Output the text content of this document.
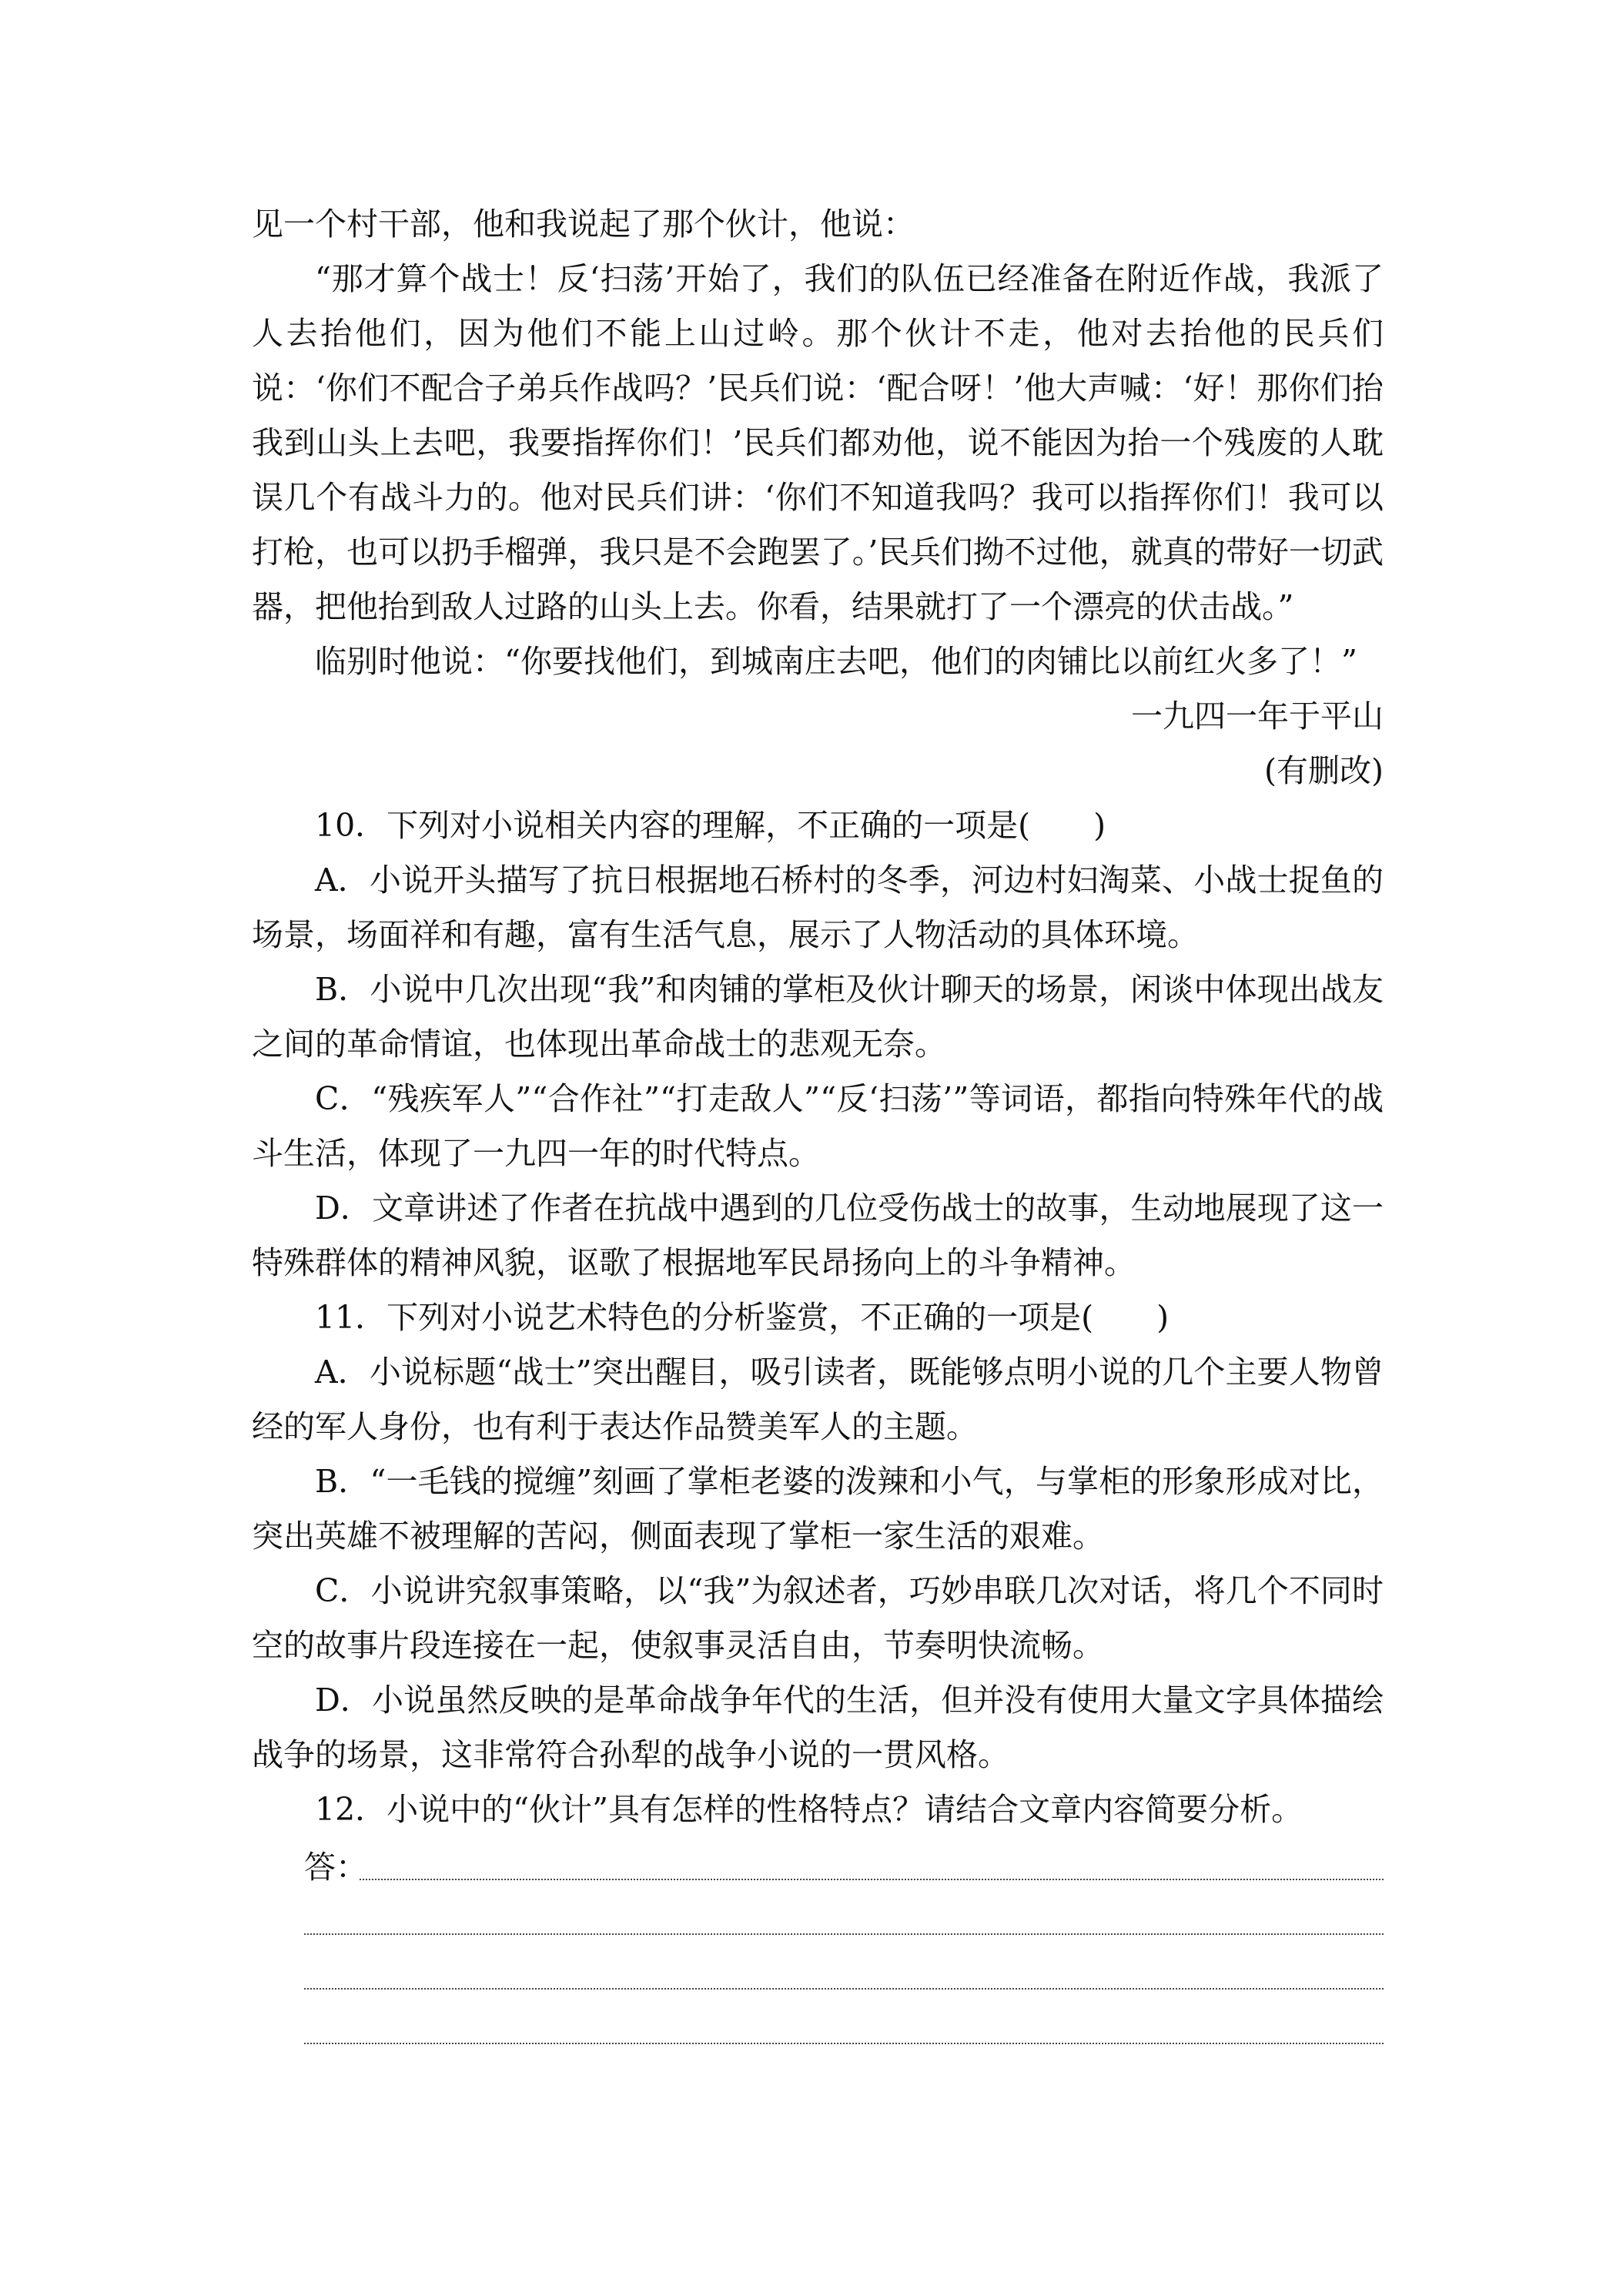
见一个村干部，他和我说起了那个伙计，他说：

“那才算个战士！反‘扫荡’开始了，我们的队伍已经准备在附近作战，我派了人去抬他们，因为他们不能上山过岭。那个伙计不走，他对去抬他的民兵们说：‘你们不配合子弟兵作战吗？’民兵们说：‘配合呀！’他大声喊：‘好！那你们抬我到山头上去吧，我要指挥你们！’民兵们都劝他，说不能因为抬一个残废的人耽误几个有战斗力的。他对民兵们讲：‘你们不知道我吗？我可以指挥你们！我可以打枪，也可以扔手榴弹，我只是不会跑罢了。’民兵们拗不过他，就真的带好一切武器，把他抬到敌人过路的山头上去。你看，结果就打了一个漂亮的伏击战。”

临别时他说：“你要找他们，到城南庄去吧，他们的肉铺比以前红火多了！”

一九四一年于平山

(有删改)

10．下列对小说相关内容的理解，不正确的一项是(　　)

A．小说开头描写了抗日根据地石桥村的冬季，河边村妇淘菜、小战士捉鱼的场景，场面祥和有趣，富有生活气息，展示了人物活动的具体环境。

B．小说中几次出现“我”和肉铺的掌柜及伙计聊天的场景，闲谈中体现出战友之间的革命情谊，也体现出革命战士的悲观无奈。

C．“残疾军人”“合作社”“打走敌人”“反‘扫荡’”等词语，都指向特殊年代的战斗生活，体现了一九四一年的时代特点。

D．文章讲述了作者在抗战中遇到的几位受伤战士的故事，生动地展现了这一特殊群体的精神风貌，讴歌了根据地军民昂扬向上的斗争精神。

11．下列对小说艺术特色的分析鉴赏，不正确的一项是(　　)

A．小说标题“战士”突出醒目，吸引读者，既能够点明小说的几个主要人物曾经的军人身份，也有利于表达作品赞美军人的主题。

B．“一毛钱的搅缠”刻画了掌柜老婆的泼辣和小气，与掌柜的形象形成对比，突出英雄不被理解的苦闷，侧面表现了掌柜一家生活的艰难。

C．小说讲究叙事策略，以“我”为叙述者，巧妙串联几次对话，将几个不同时空的故事片段连接在一起，使叙事灵活自由，节奏明快流畅。

D．小说虽然反映的是革命战争年代的生活，但并没有使用大量文字具体描绘战争的场景，这非常符合孙犁的战争小说的一贯风格。

12．小说中的“伙计”具有怎样的性格特点？请结合文章内容简要分析。

答：
